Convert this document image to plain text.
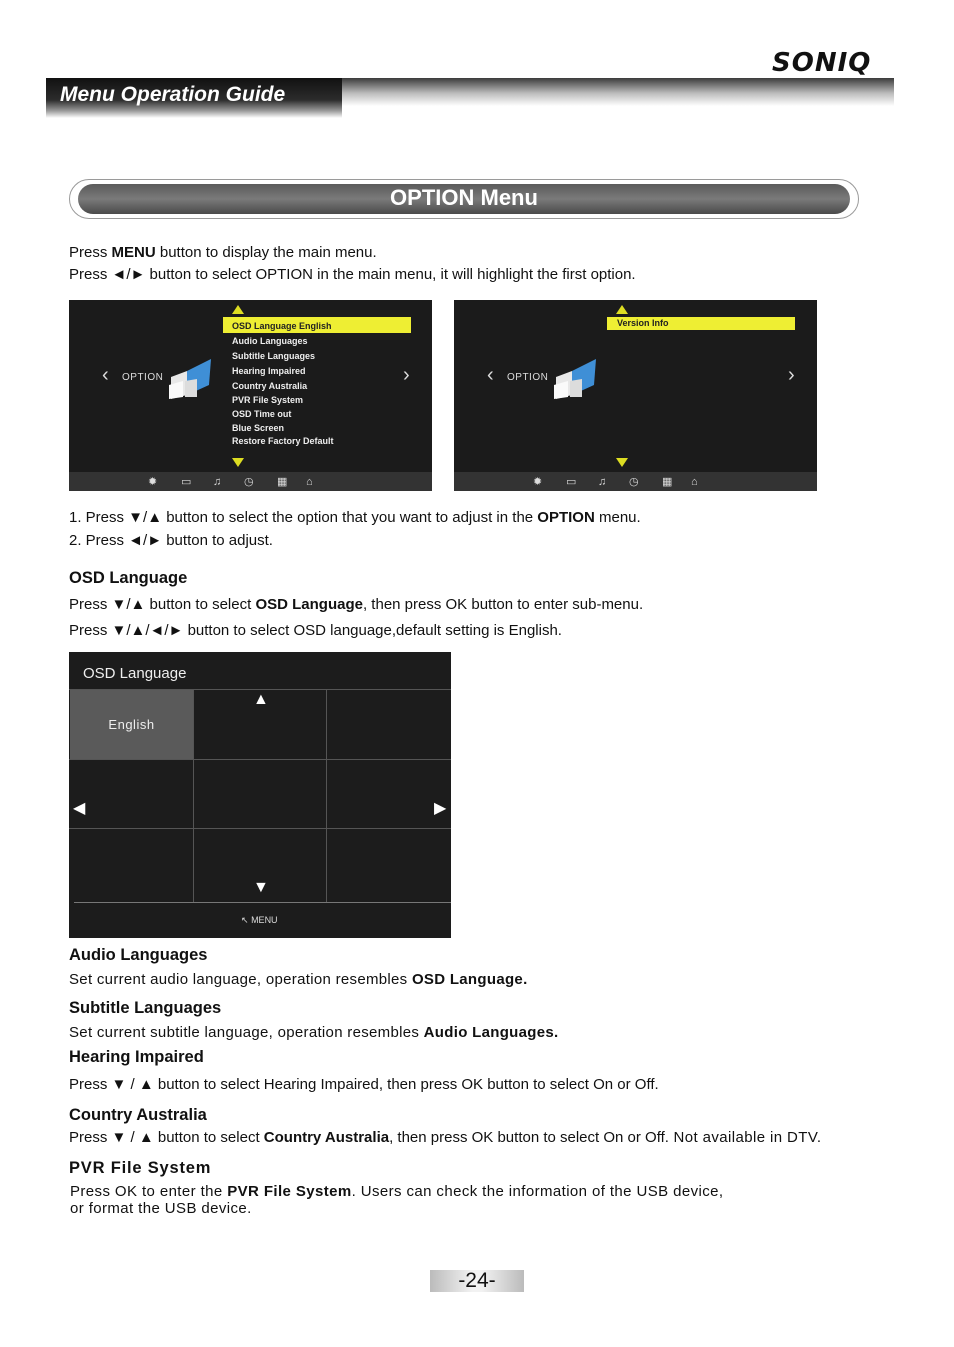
Menu Operation Guide
SONIQ
OPTION Menu
Press MENU button to display the main menu.
Press ◄/► button to select OPTION in the main menu, it will highlight the first option.
OSD Language English
Audio Languages
Subtitle Languages
Hearing Impaired
Country Australia
PVR File System
OSD Time out
Blue Screen
Restore Factory Default
‹ OPTION	›
✹ ▭ ♫ ◷ ▦ ⌂
Version Info
‹ OPTION	›
✹ ▭ ♫ ◷ ▦ ⌂
1. Press ▼/▲ button to select the option that you want to adjust in the OPTION menu.
2. Press ◄/► button to adjust.
OSD Language
Press ▼/▲ button to select OSD Language, then press OK button to enter sub-menu.
Press ▼/▲/◄/► button to select OSD language,default setting is English.
OSD Language
English
▲
▼
◀	▶
↖ MENU
Audio Languages
Set current audio language, operation resembles OSD Language.
Subtitle Languages
Set current subtitle language, operation resembles Audio Languages.
Hearing Impaired
Press ▼ / ▲ button to select Hearing Impaired, then press OK button to select On or Off.
Country Australia
Press ▼ / ▲ button to select Country Australia, then press OK button to select On or Off. Not available in DTV.
PVR File System
Press OK to enter the PVR File System. Users can check the information of the USB device,
or format the USB device.
-24-
